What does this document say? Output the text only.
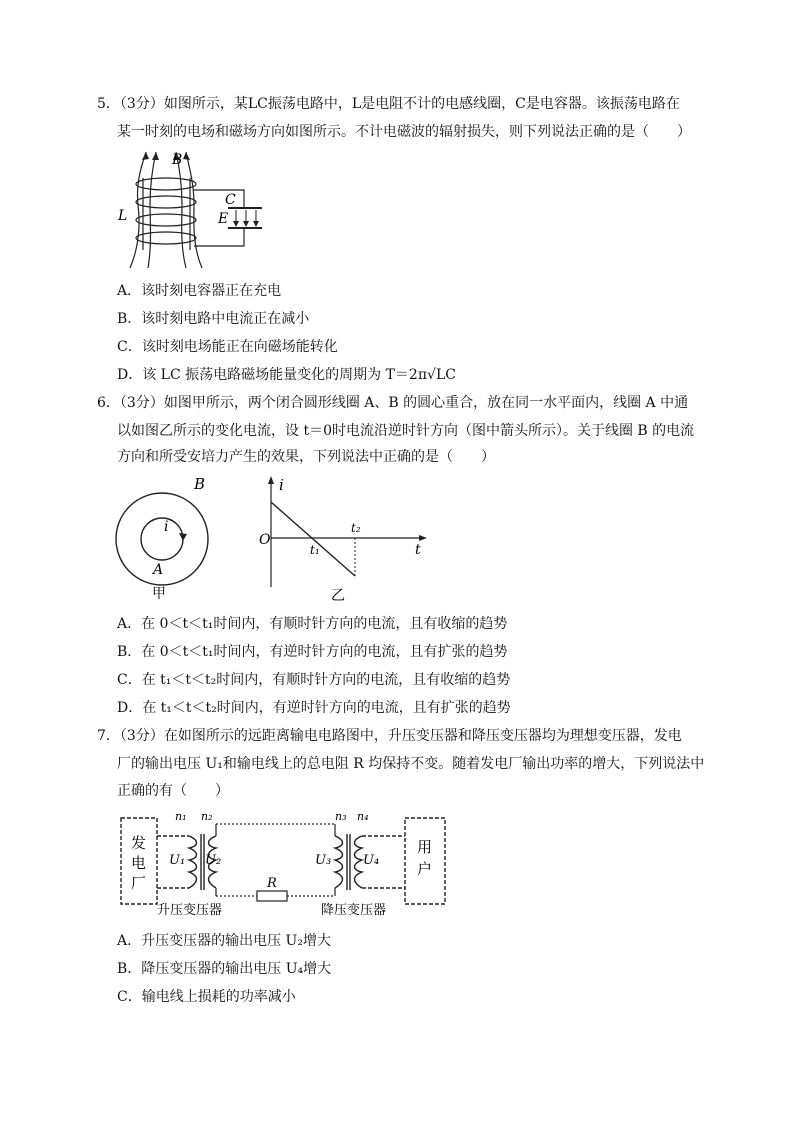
5．（3分）如图所示，某LC振荡电路中，L是电阻不计的电感线圈，C是电容器。该振荡电路在
某一时刻的电场和磁场方向如图所示。不计电磁波的辐射损失，则下列说法正确的是（　　）
B
L
C
E
A．该时刻电容器正在充电
B．该时刻电路中电流正在减小
C．该时刻电场能正在向磁场能转化
D．该 LC 振荡电路磁场能量变化的周期为 T＝2π√LC
6．（3分）如图甲所示，两个闭合圆形线圈 A、B 的圆心重合，放在同一水平面内，线圈 A 中通
以如图乙所示的变化电流，设 t＝0时电流沿逆时针方向（图中箭头所示）。关于线圈 B 的电流
方向和所受安培力产生的效果，下列说法中正确的是（　　）
B
i
A
甲
i
O
t
t₁
t₂
乙
A．在 0＜t＜t₁时间内，有顺时针方向的电流，且有收缩的趋势
B．在 0＜t＜t₁时间内，有逆时针方向的电流，且有扩张的趋势
C．在 t₁＜t＜t₂时间内，有顺时针方向的电流，且有收缩的趋势
D．在 t₁＜t＜t₂时间内，有逆时针方向的电流，且有扩张的趋势
7．（3分）在如图所示的远距离输电电路图中，升压变压器和降压变压器均为理想变压器，发电
厂的输出电压 U₁和输电线上的总电阻 R 均保持不变。随着发电厂输出功率的增大，下列说法中
正确的有（　　）
发
电
厂
用
户
n₁ n₂	n₃ n₄
U₁ U₂	U₃ U₄
R
升压变压器	降压变压器
A．升压变压器的输出电压 U₂增大
B．降压变压器的输出电压 U₄增大
C．输电线上损耗的功率减小
